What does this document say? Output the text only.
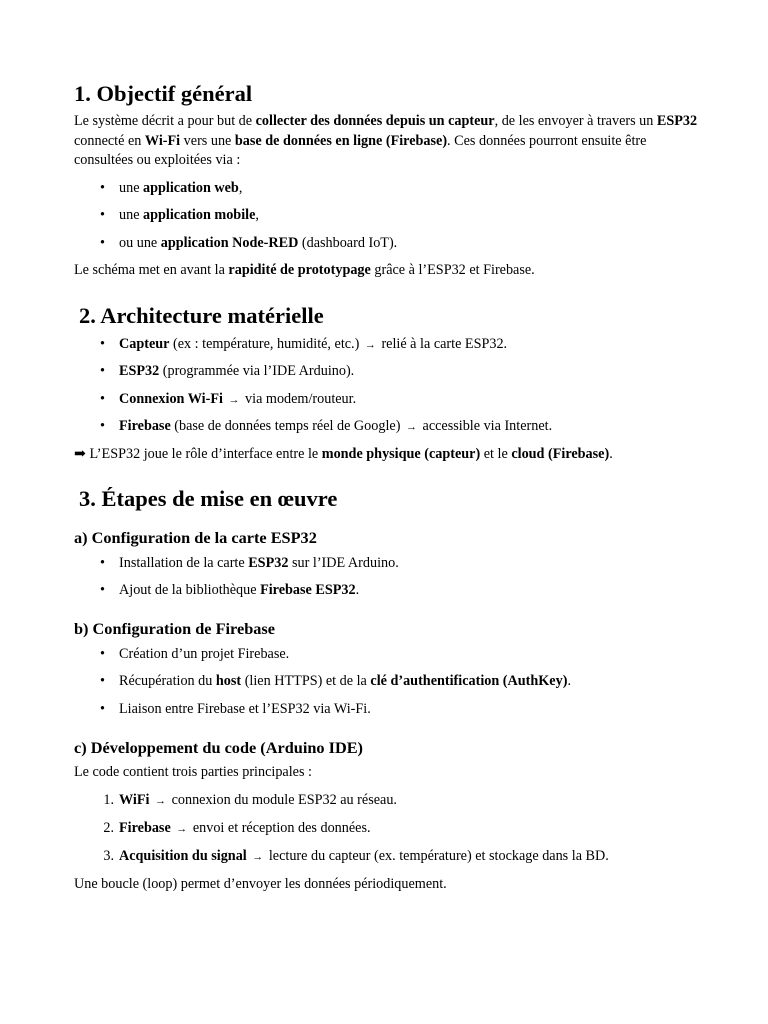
1. Objectif général

Le système décrit a pour but de collecter des données depuis un capteur, de les envoyer à travers un ESP32 connecté en Wi-Fi vers une base de données en ligne (Firebase). Ces données pourront ensuite être consultées ou exploitées via :

• une application web,
• une application mobile,
• ou une application Node-RED (dashboard IoT).

Le schéma met en avant la rapidité de prototypage grâce à l’ESP32 et Firebase.

2. Architecture matérielle
• Capteur (ex : température, humidité, etc.) → relié à la carte ESP32.
• ESP32 (programmée via l’IDE Arduino).
• Connexion Wi-Fi → via modem/routeur.
• Firebase (base de données temps réel de Google) → accessible via Internet.

➡ L’ESP32 joue le rôle d’interface entre le monde physique (capteur) et le cloud (Firebase).

3. Étapes de mise en œuvre
a) Configuration de la carte ESP32
• Installation de la carte ESP32 sur l’IDE Arduino.
• Ajout de la bibliothèque Firebase ESP32.
b) Configuration de Firebase
• Création d’un projet Firebase.
• Récupération du host (lien HTTPS) et de la clé d’authentification (AuthKey).
• Liaison entre Firebase et l’ESP32 via Wi-Fi.
c) Développement du code (Arduino IDE)

Le code contient trois parties principales :

1. WiFi → connexion du module ESP32 au réseau.
2. Firebase → envoi et réception des données.
3. Acquisition du signal → lecture du capteur (ex. température) et stockage dans la BD.

Une boucle (loop) permet d’envoyer les données périodiquement.
